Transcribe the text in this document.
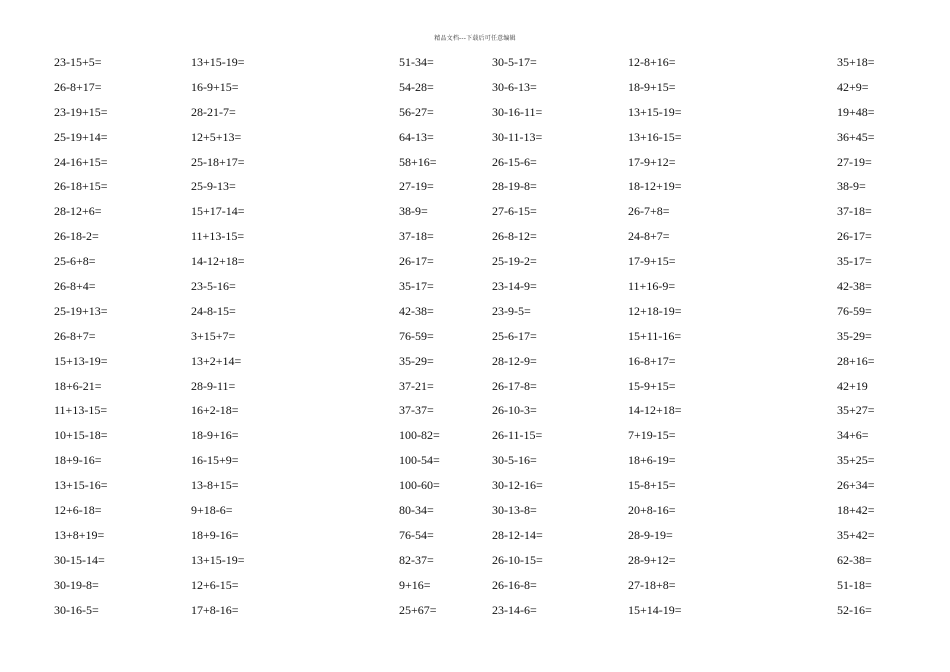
精品文档---下载后可任意编辑
23-15+5=
26-8+17=
23-19+15=
25-19+14=
24-16+15=
26-18+15=
28-12+6=
26-18-2=
25-6+8=
26-8+4=
25-19+13=
26-8+7=
15+13-19=
18+6-21=
11+13-15=
10+15-18=
18+9-16=
13+15-16=
12+6-18=
13+8+19=
30-15-14=
30-19-8=
30-16-5=
13+15-19=
16-9+15=
28-21-7=
12+5+13=
25-18+17=
25-9-13=
15+17-14=
11+13-15=
14-12+18=
23-5-16=
24-8-15=
3+15+7=
13+2+14=
28-9-11=
16+2-18=
18-9+16=
16-15+9=
13-8+15=
9+18-6=
18+9-16=
13+15-19=
12+6-15=
17+8-16=
51-34=
54-28=
56-27=
64-13=
58+16=
27-19=
38-9=
37-18=
26-17=
35-17=
42-38=
76-59=
35-29=
37-21=
37-37=
100-82=
100-54=
100-60=
80-34=
76-54=
82-37=
9+16=
25+67=
30-5-17=
30-6-13=
30-16-11=
30-11-13=
26-15-6=
28-19-8=
27-6-15=
26-8-12=
25-19-2=
23-14-9=
23-9-5=
25-6-17=
28-12-9=
26-17-8=
26-10-3=
26-11-15=
30-5-16=
30-12-16=
30-13-8=
28-12-14=
26-10-15=
26-16-8=
23-14-6=
12-8+16=
18-9+15=
13+15-19=
13+16-15=
17-9+12=
18-12+19=
26-7+8=
24-8+7=
17-9+15=
11+16-9=
12+18-19=
15+11-16=
16-8+17=
15-9+15=
14-12+18=
7+19-15=
18+6-19=
15-8+15=
20+8-16=
28-9-19=
28-9+12=
27-18+8=
15+14-19=
35+18=
42+9=
19+48=
36+45=
27-19=
38-9=
37-18=
26-17=
35-17=
42-38=
76-59=
35-29=
28+16=
42+19
35+27=
34+6=
35+25=
26+34=
18+42=
35+42=
62-38=
51-18=
52-16=
